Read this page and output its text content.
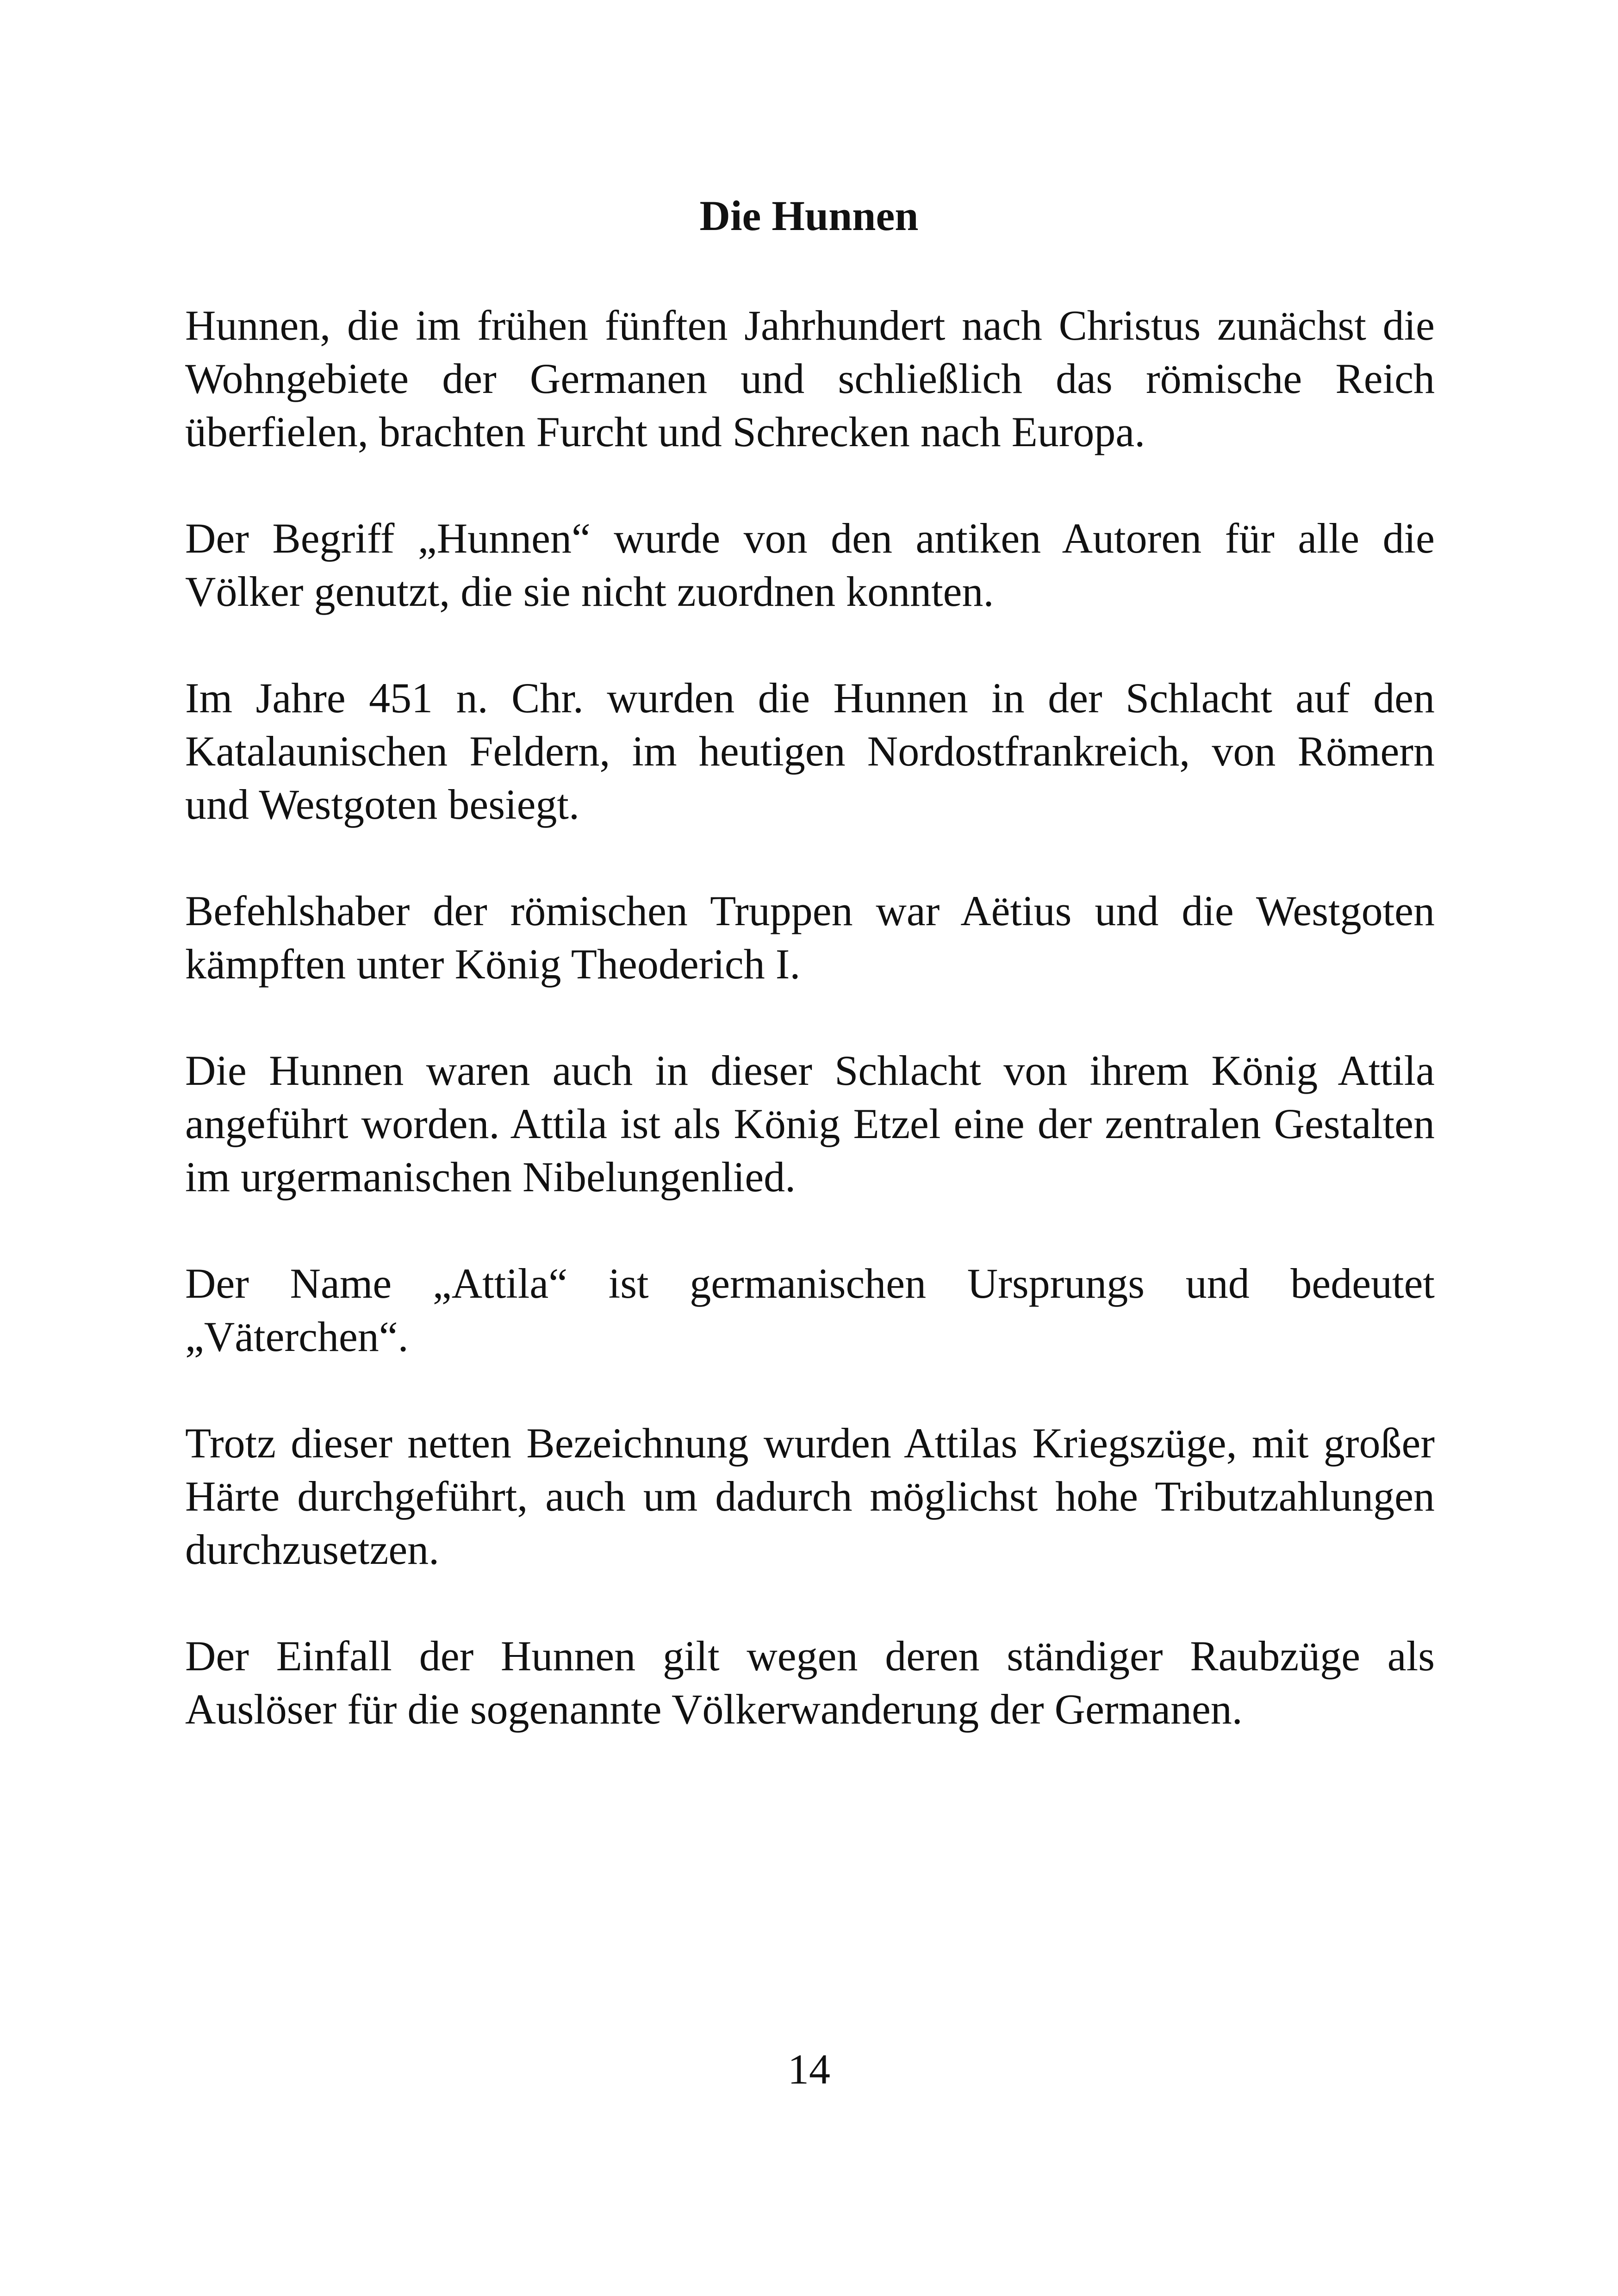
Die Hunnen

Hunnen, die im frühen fünften Jahrhundert nach Christus zunächst die Wohngebiete der Germanen und schließlich das römische Reich überfielen, brachten Furcht und Schrecken nach Europa.

Der Begriff „Hunnen“ wurde von den antiken Autoren für alle die Völker genutzt, die sie nicht zuordnen konnten.

Im Jahre 451 n. Chr. wurden die Hunnen in der Schlacht auf den Katalaunischen Feldern, im heutigen Nordostfrankreich, von Römern und Westgoten besiegt.

Befehlshaber der römischen Truppen war Aëtius und die Westgoten kämpften unter König Theoderich I.

Die Hunnen waren auch in dieser Schlacht von ihrem König Attila angeführt worden. Attila ist als König Etzel eine der zentralen Gestalten im urgermanischen Nibelungenlied.

Der Name „Attila“ ist germanischen Ursprungs und bedeutet „Väterchen“.

Trotz dieser netten Bezeichnung wurden Attilas Kriegszüge, mit großer Härte durchgeführt, auch um dadurch möglichst hohe Tributzahlungen durchzusetzen.

Der Einfall der Hunnen gilt wegen deren ständiger Raubzüge als Auslöser für die sogenannte Völkerwanderung der Germanen.

14
